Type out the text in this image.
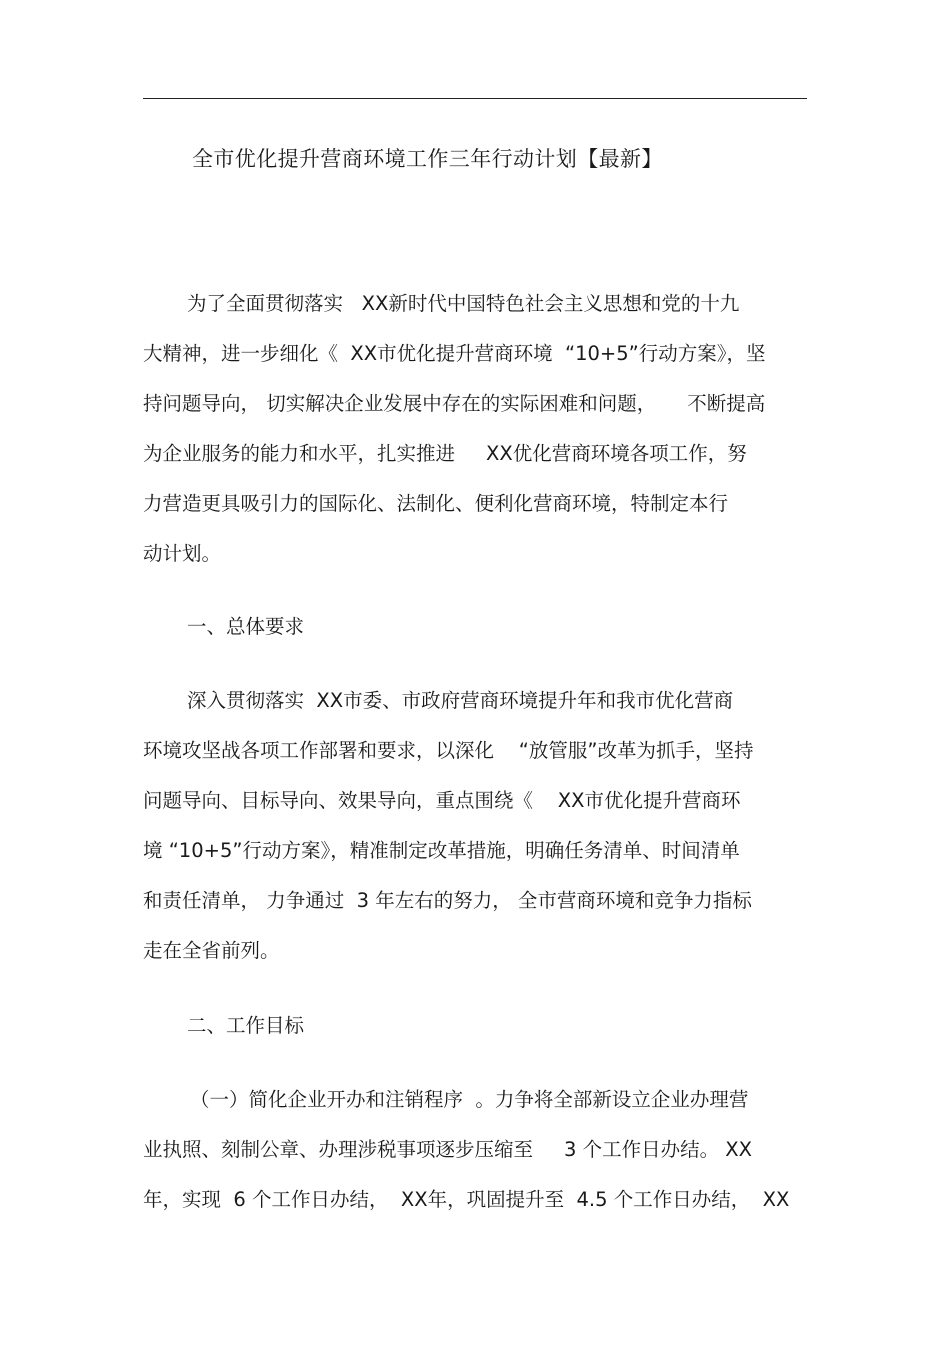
全市优化提升营商环境工作三年行动计划【最新】
为了全面贯彻落实   XX新时代中国特色社会主义思想和党的十九
大精神，进一步细化《  XX市优化提升营商环境  “10+5”行动方案》，坚
持问题导向， 切实解决企业发展中存在的实际困难和问题，     不断提高
为企业服务的能力和水平，扎实推进     XX优化营商环境各项工作，努
力营造更具吸引力的国际化、法制化、便利化营商环境，特制定本行
动计划。
一、总体要求
深入贯彻落实  XX市委、市政府营商环境提升年和我市优化营商
环境攻坚战各项工作部署和要求，以深化    “放管服”改革为抓手，坚持
问题导向、目标导向、效果导向，重点围绕《    XX市优化提升营商环
境 “10+5”行动方案》，精准制定改革措施，明确任务清单、时间清单
和责任清单， 力争通过  3 年左右的努力， 全市营商环境和竞争力指标
走在全省前列。
二、工作目标
（一）简化企业开办和注销程序  。力争将全部新设立企业办理营
业执照、刻制公章、办理涉税事项逐步压缩至     3 个工作日办结。 XX
年，实现  6 个工作日办结，  XX年，巩固提升至  4.5 个工作日办结，  XX
